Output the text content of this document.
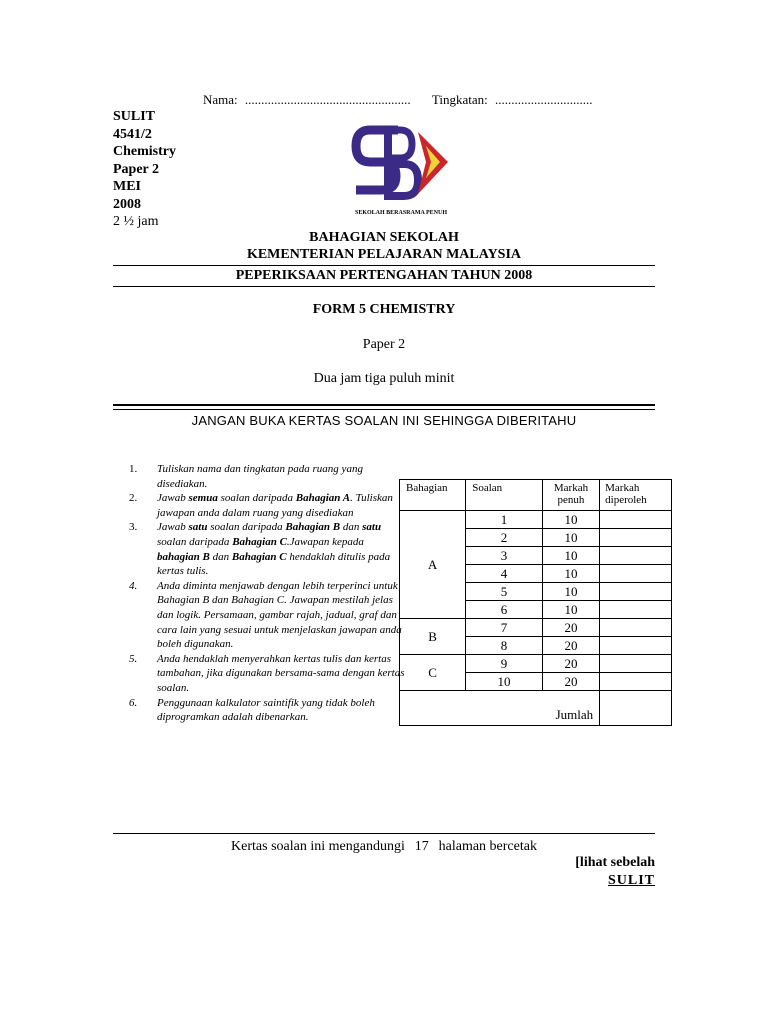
Nama: ................................................... Tingkatan: ..............................
SULIT
4541/2
Chemistry
Paper 2
MEI
2008
2 ½ jam
SEKOLAH BERASRAMA PENUH
BAHAGIAN SEKOLAH
KEMENTERIAN PELAJARAN MALAYSIA
PEPERIKSAAN PERTENGAHAN TAHUN 2008
FORM 5 CHEMISTRY
Paper 2
Dua jam tiga puluh minit
JANGAN BUKA KERTAS SOALAN INI SEHINGGA DIBERITAHU
1. Tuliskan nama dan tingkatan pada ruang yang disediakan.
2. Jawab semua soalan daripada Bahagian A. Tuliskan jawapan anda dalam ruang yang disediakan
3. Jawab satu soalan daripada Bahagian B dan satu soalan daripada Bahagian C.Jawapan kepada bahagian B dan Bahagian C hendaklah ditulis pada kertas tulis.
4. Anda diminta menjawab dengan lebih terperinci untuk Bahagian B dan Bahagian C. Jawapan mestilah jelas dan logik. Persamaan, gambar rajah, jadual, graf dan cara lain yang sesuai untuk menjelaskan jawapan anda boleh digunakan.
5. Anda hendaklah menyerahkan kertas tulis dan kertas tambahan, jika digunakan bersama-sama dengan kertas soalan.
6. Penggunaan kalkulator saintifik yang tidak boleh diprogramkan adalah dibenarkan.
Bahagian	Soalan	Markah penuh	Markah diperoleh
A	1	10	
	2	10	
	3	10	
	4	10	
	5	10	
	6	10	
B	7	20	
	8	20	
C	9	20	
	10	20	
Jumlah			
Kertas soalan ini mengandungi 17 halaman bercetak
[lihat sebelah
SULIT
